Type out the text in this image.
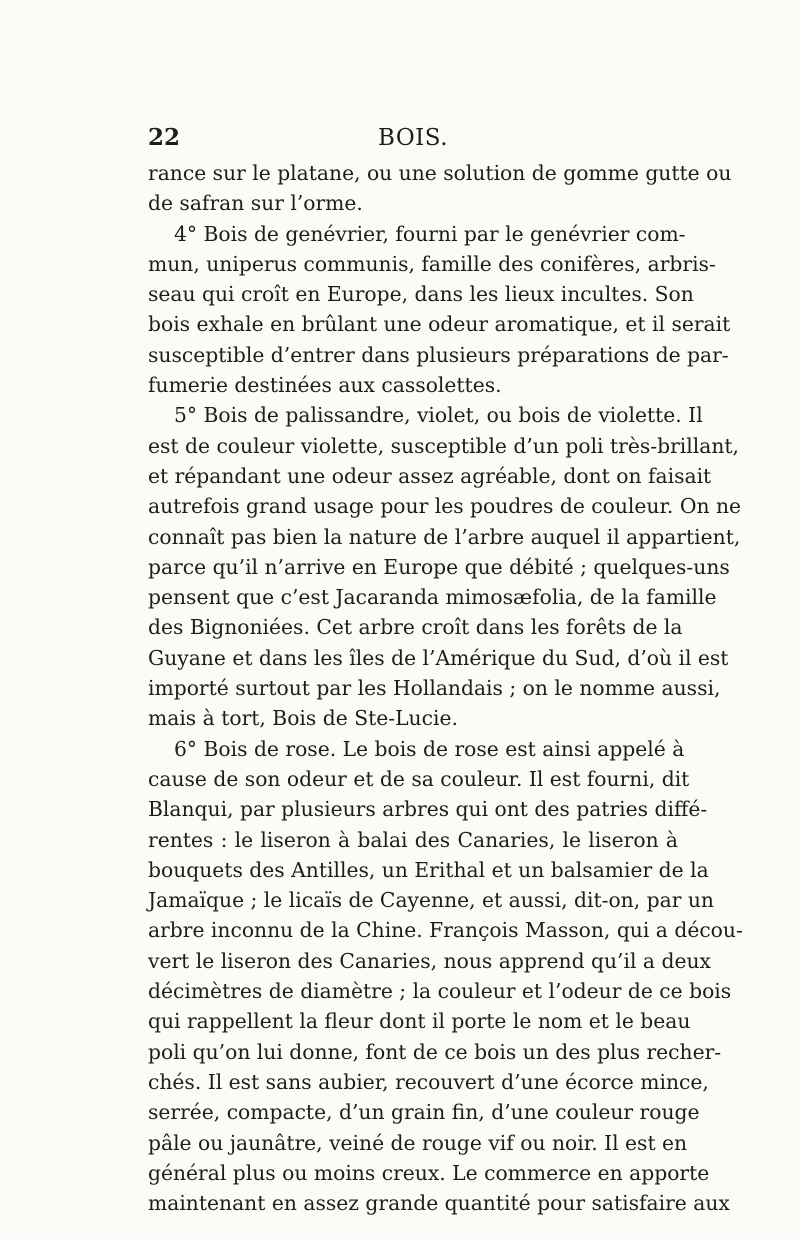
22	BOIS.
rance sur le platane, ou une solution de gomme gutte ou
de safran sur l’orme.
4° Bois de genévrier, fourni par le genévrier com-
mun, uniperus communis, famille des conifères, arbris-
seau qui croît en Europe, dans les lieux incultes. Son
bois exhale en brûlant une odeur aromatique, et il serait
susceptible d’entrer dans plusieurs préparations de par-
fumerie destinées aux cassolettes.
5° Bois de palissandre, violet, ou bois de violette. Il
est de couleur violette, susceptible d’un poli très-brillant,
et répandant une odeur assez agréable, dont on faisait
autrefois grand usage pour les poudres de couleur. On ne
connaît pas bien la nature de l’arbre auquel il appartient,
parce qu’il n’arrive en Europe que débité ; quelques-uns
pensent que c’est Jacaranda mimosæfolia, de la famille
des Bignoniées. Cet arbre croît dans les forêts de la
Guyane et dans les îles de l’Amérique du Sud, d’où il est
importé surtout par les Hollandais ; on le nomme aussi,
mais à tort, Bois de Ste-Lucie.
6° Bois de rose. Le bois de rose est ainsi appelé à
cause de son odeur et de sa couleur. Il est fourni, dit
Blanqui, par plusieurs arbres qui ont des patries diffé-
rentes : le liseron à balai des Canaries, le liseron à
bouquets des Antilles, un Erithal et un balsamier de la
Jamaïque ; le licaïs de Cayenne, et aussi, dit-on, par un
arbre inconnu de la Chine. François Masson, qui a décou-
vert le liseron des Canaries, nous apprend qu’il a deux
décimètres de diamètre ; la couleur et l’odeur de ce bois
qui rappellent la fleur dont il porte le nom et le beau
poli qu’on lui donne, font de ce bois un des plus recher-
chés. Il est sans aubier, recouvert d’une écorce mince,
serrée, compacte, d’un grain fin, d’une couleur rouge
pâle ou jaunâtre, veiné de rouge vif ou noir. Il est en
général plus ou moins creux. Le commerce en apporte
maintenant en assez grande quantité pour satisfaire aux
